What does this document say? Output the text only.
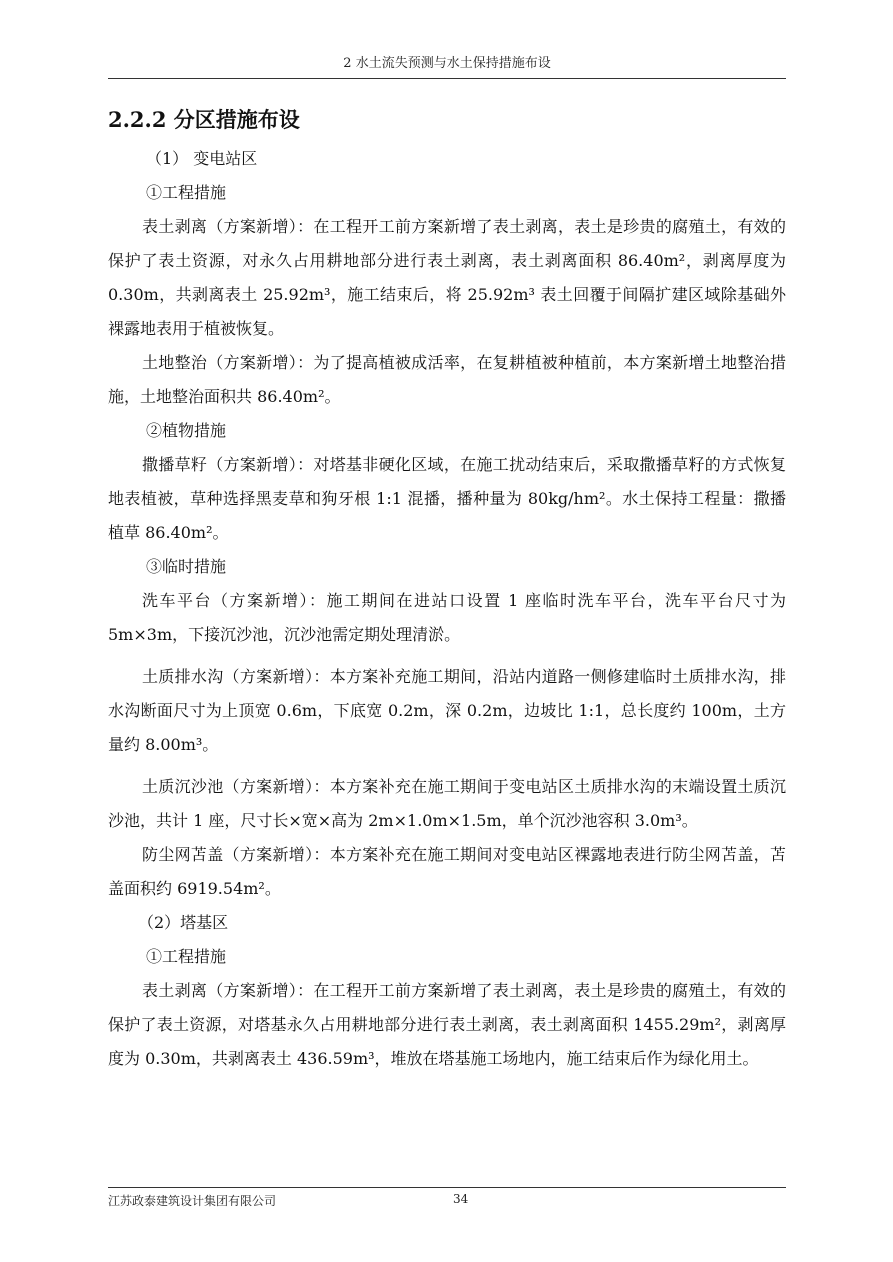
2 水土流失预测与水土保持措施布设

2.2.2 分区措施布设

（1） 变电站区

①工程措施

表土剥离（方案新增）：在工程开工前方案新增了表土剥离，表土是珍贵的腐殖土，有效的保护了表土资源，对永久占用耕地部分进行表土剥离，表土剥离面积 86.40m²，剥离厚度为 0.30m，共剥离表土 25.92m³，施工结束后，将 25.92m³ 表土回覆于间隔扩建区域除基础外裸露地表用于植被恢复。

土地整治（方案新增）：为了提高植被成活率，在复耕植被种植前，本方案新增土地整治措施，土地整治面积共 86.40m²。

②植物措施

撒播草籽（方案新增）：对塔基非硬化区域，在施工扰动结束后，采取撒播草籽的方式恢复地表植被，草种选择黑麦草和狗牙根 1:1 混播，播种量为 80kg/hm²。水土保持工程量：撒播植草 86.40m²。

③临时措施

洗车平台（方案新增）：施工期间在进站口设置 1 座临时洗车平台，洗车平台尺寸为 5m×3m，下接沉沙池，沉沙池需定期处理清淤。

土质排水沟（方案新增）：本方案补充施工期间，沿站内道路一侧修建临时土质排水沟，排水沟断面尺寸为上顶宽 0.6m，下底宽 0.2m，深 0.2m，边坡比 1:1，总长度约 100m，土方量约 8.00m³。

土质沉沙池（方案新增）：本方案补充在施工期间于变电站区土质排水沟的末端设置土质沉沙池，共计 1 座，尺寸长×宽×高为 2m×1.0m×1.5m，单个沉沙池容积 3.0m³。

防尘网苫盖（方案新增）：本方案补充在施工期间对变电站区裸露地表进行防尘网苫盖，苫盖面积约 6919.54m²。

（2）塔基区

①工程措施

表土剥离（方案新增）：在工程开工前方案新增了表土剥离，表土是珍贵的腐殖土，有效的保护了表土资源，对塔基永久占用耕地部分进行表土剥离，表土剥离面积 1455.29m²，剥离厚度为 0.30m，共剥离表土 436.59m³，堆放在塔基施工场地内，施工结束后作为绿化用土。

江苏政泰建筑设计集团有限公司	34
